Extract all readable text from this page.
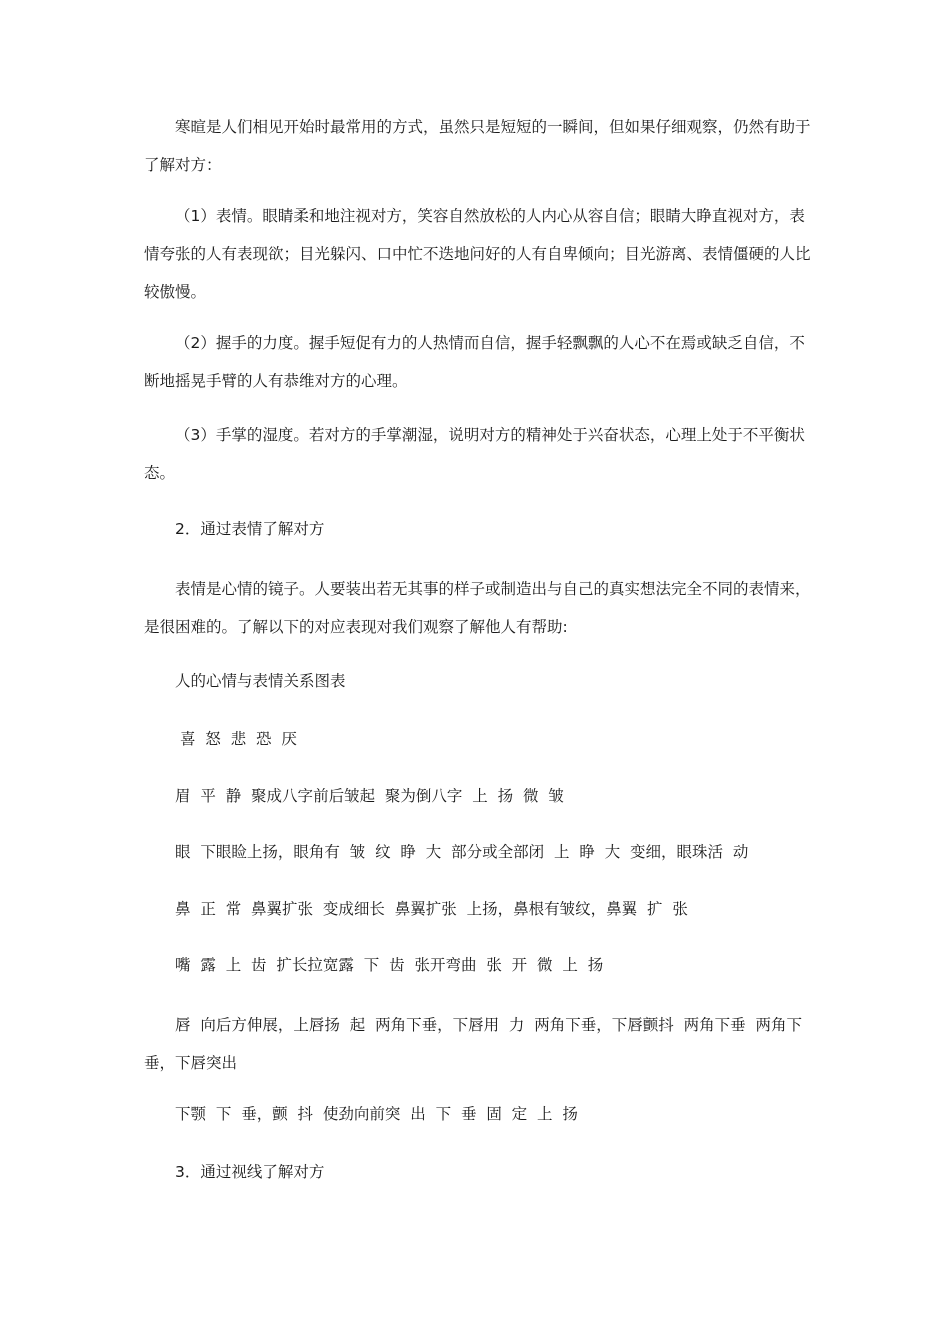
寒暄是人们相见开始时最常用的方式，虽然只是短短的一瞬间，但如果仔细观察，仍然有助于了解对方：

（1）表情。眼睛柔和地注视对方，笑容自然放松的人内心从容自信；眼睛大睁直视对方，表情夸张的人有表现欲；目光躲闪、口中忙不迭地问好的人有自卑倾向；目光游离、表情僵硬的人比较傲慢。

（2）握手的力度。握手短促有力的人热情而自信，握手轻飘飘的人心不在焉或缺乏自信，不断地摇晃手臂的人有恭维对方的心理。

（3）手掌的湿度。若对方的手掌潮湿，说明对方的精神处于兴奋状态，心理上处于不平衡状态。

2．通过表情了解对方

表情是心情的镜子。人要装出若无其事的样子或制造出与自己的真实想法完全不同的表情来，是很困难的。了解以下的对应表现对我们观察了解他人有帮助:

人的心情与表情关系图表

喜  怒  悲  恐  厌

眉  平  静  聚成八字前后皱起  聚为倒八字  上  扬  微  皱

眼  下眼睑上扬，眼角有  皱  纹  睁  大  部分或全部闭  上  睁  大  变细，眼珠活  动

鼻  正  常  鼻翼扩张  变成细长  鼻翼扩张  上扬，鼻根有皱纹，鼻翼  扩  张

嘴  露  上  齿  扩长拉宽露  下  齿  张开弯曲  张  开  微  上  扬

唇  向后方伸展，上唇扬  起  两角下垂，下唇用  力  两角下垂，下唇颤抖  两角下垂  两角下垂，下唇突出

下颚  下  垂，颤  抖  使劲向前突  出  下  垂  固  定  上  扬

3．通过视线了解对方
